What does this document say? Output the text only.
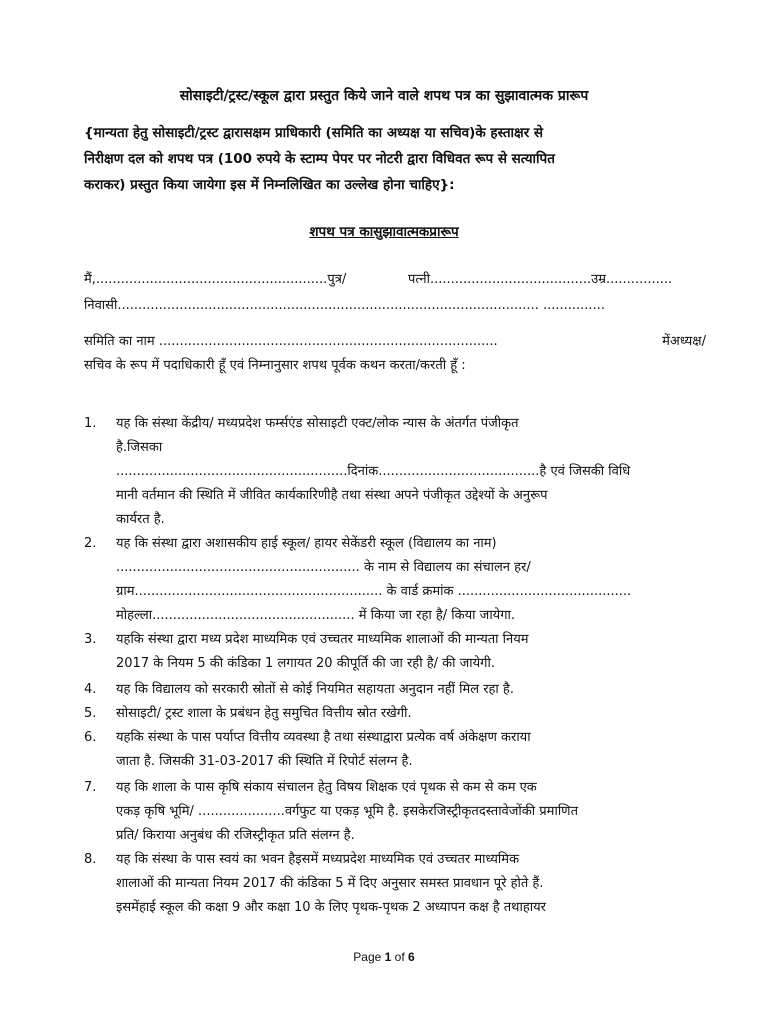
सोसाइटी/ट्रस्ट/स्कूल द्वारा प्रस्तुत किये जाने वाले शपथ पत्र का सुझावात्मक प्रारूप
{मान्यता हेतु सोसाइटी/ट्रस्ट द्वारासक्षम प्राधिकारी (समिति का अध्यक्ष या सचिव)के हस्ताक्षर से
निरीक्षण दल को शपथ पत्र (100 रुपये के स्टाम्प पेपर पर नोटरी द्वारा विधिवत रूप से सत्यापित
कराकर) प्रस्तुत किया जायेगा इस में निम्नलिखित का उल्लेख होना चाहिए}:
शपथ पत्र कासुझावात्मकप्रारूप
मैं,........................................................पुत्र/	पत्नी.......................................उम्र................
निवासी...................................................................................................... ...............
समिति का नाम ..................................................................................	मेंअध्यक्ष/
सचिव के रूप में पदाधिकारी हूँ एवं निम्नानुसार शपथ पूर्वक कथन करता/करती हूँ :
1. यह कि संस्था केंद्रीय/ मध्यप्रदेश फर्म्सएंड सोसाइटी एक्ट/लोक न्यास के अंतर्गत पंजीकृत
है.जिसका
........................................................दिनांक.......................................है एवं जिसकी विधि
मानी वर्तमान की स्थिति में जीवित कार्यकारिणीहै तथा संस्था अपने पंजीकृत उद्देश्यों के अनुरूप
कार्यरत है.
2. यह कि संस्था द्वारा अशासकीय हाई स्कूल/ हायर सेकेंडरी स्कूल (विद्यालय का नाम)
........................................................... के नाम से विद्यालय का संचालन हर/
ग्राम............................................................ के वार्ड क्रमांक ..........................................
मोहल्ला................................................. में किया जा रहा है/ किया जायेगा.
3. यहकि संस्था द्वारा मध्य प्रदेश माध्यमिक एवं उच्चतर माध्यमिक शालाओं की मान्यता नियम
2017 के नियम 5 की कंडिका 1 लगायत 20 कीपूर्ति की जा रही है/ की जायेगी.
4. यह कि विद्यालय को सरकारी स्रोतों से कोई नियमित सहायता अनुदान नहीं मिल रहा है.
5. सोसाइटी/ ट्रस्ट शाला के प्रबंधन हेतु समुचित वित्तीय स्रोत रखेगी.
6. यहकि संस्था के पास पर्याप्त वित्तीय व्यवस्था है तथा संस्थाद्वारा प्रत्येक वर्ष अंकेक्षण कराया
जाता है. जिसकी 31-03-2017 की स्थिति में रिपोर्ट संलग्न है.
7. यह कि शाला के पास कृषि संकाय संचालन हेतु विषय शिक्षक एवं पृथक से कम से कम एक
एकड़ कृषि भूमि/ .....................वर्गफुट या एकड़ भूमि है. इसकेरजिस्ट्रीकृतदस्तावेजोंकी प्रमाणित
प्रति/ किराया अनुबंध की रजिस्ट्रीकृत प्रति संलग्न है.
8. यह कि संस्था के पास स्वयं का भवन हैइसमें मध्यप्रदेश माध्यमिक एवं उच्चतर माध्यमिक
शालाओं की मान्यता नियम 2017 की कंडिका 5 में दिए अनुसार समस्त प्रावधान पूरे होते हैं.
इसमेंहाई स्कूल की कक्षा 9 और कक्षा 10 के लिए पृथक-पृथक 2 अध्यापन कक्ष है तथाहायर
Page 1 of 6
